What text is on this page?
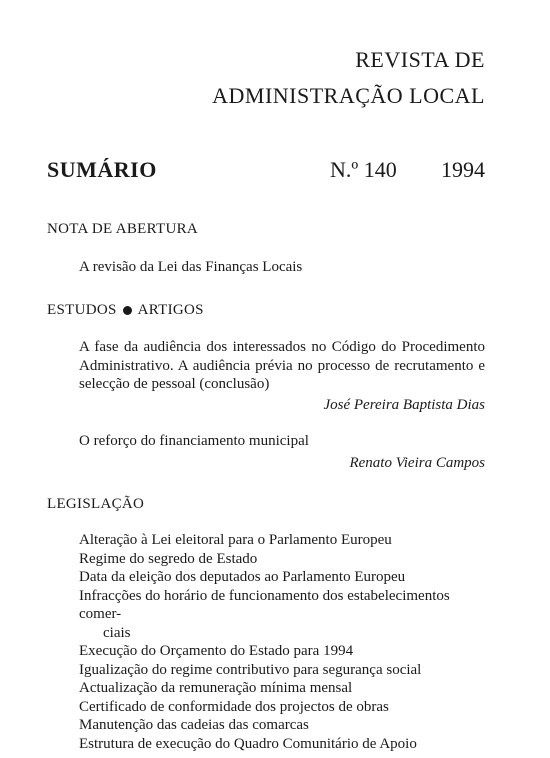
REVISTA DE
ADMINISTRAÇÃO LOCAL
SUMÁRIO	N.º 140 1994
NOTA DE ABERTURA
A revisão da Lei das Finanças Locais
ESTUDOS ARTIGOS
A fase da audiência dos interessados no Código do Procedimento Administrativo. A audiência prévia no processo de recrutamento e selecção de pessoal (conclusão)
José Pereira Baptista Dias
O reforço do financiamento municipal
Renato Vieira Campos
LEGISLAÇÃO
Alteração à Lei eleitoral para o Parlamento Europeu
Regime do segredo de Estado
Data da eleição dos deputados ao Parlamento Europeu
Infracções do horário de funcionamento dos estabelecimentos comer-
ciais
Execução do Orçamento do Estado para 1994
Igualização do regime contributivo para segurança social
Actualização da remuneração mínima mensal
Certificado de conformidade dos projectos de obras
Manutenção das cadeias das comarcas
Estrutura de execução do Quadro Comunitário de Apoio
